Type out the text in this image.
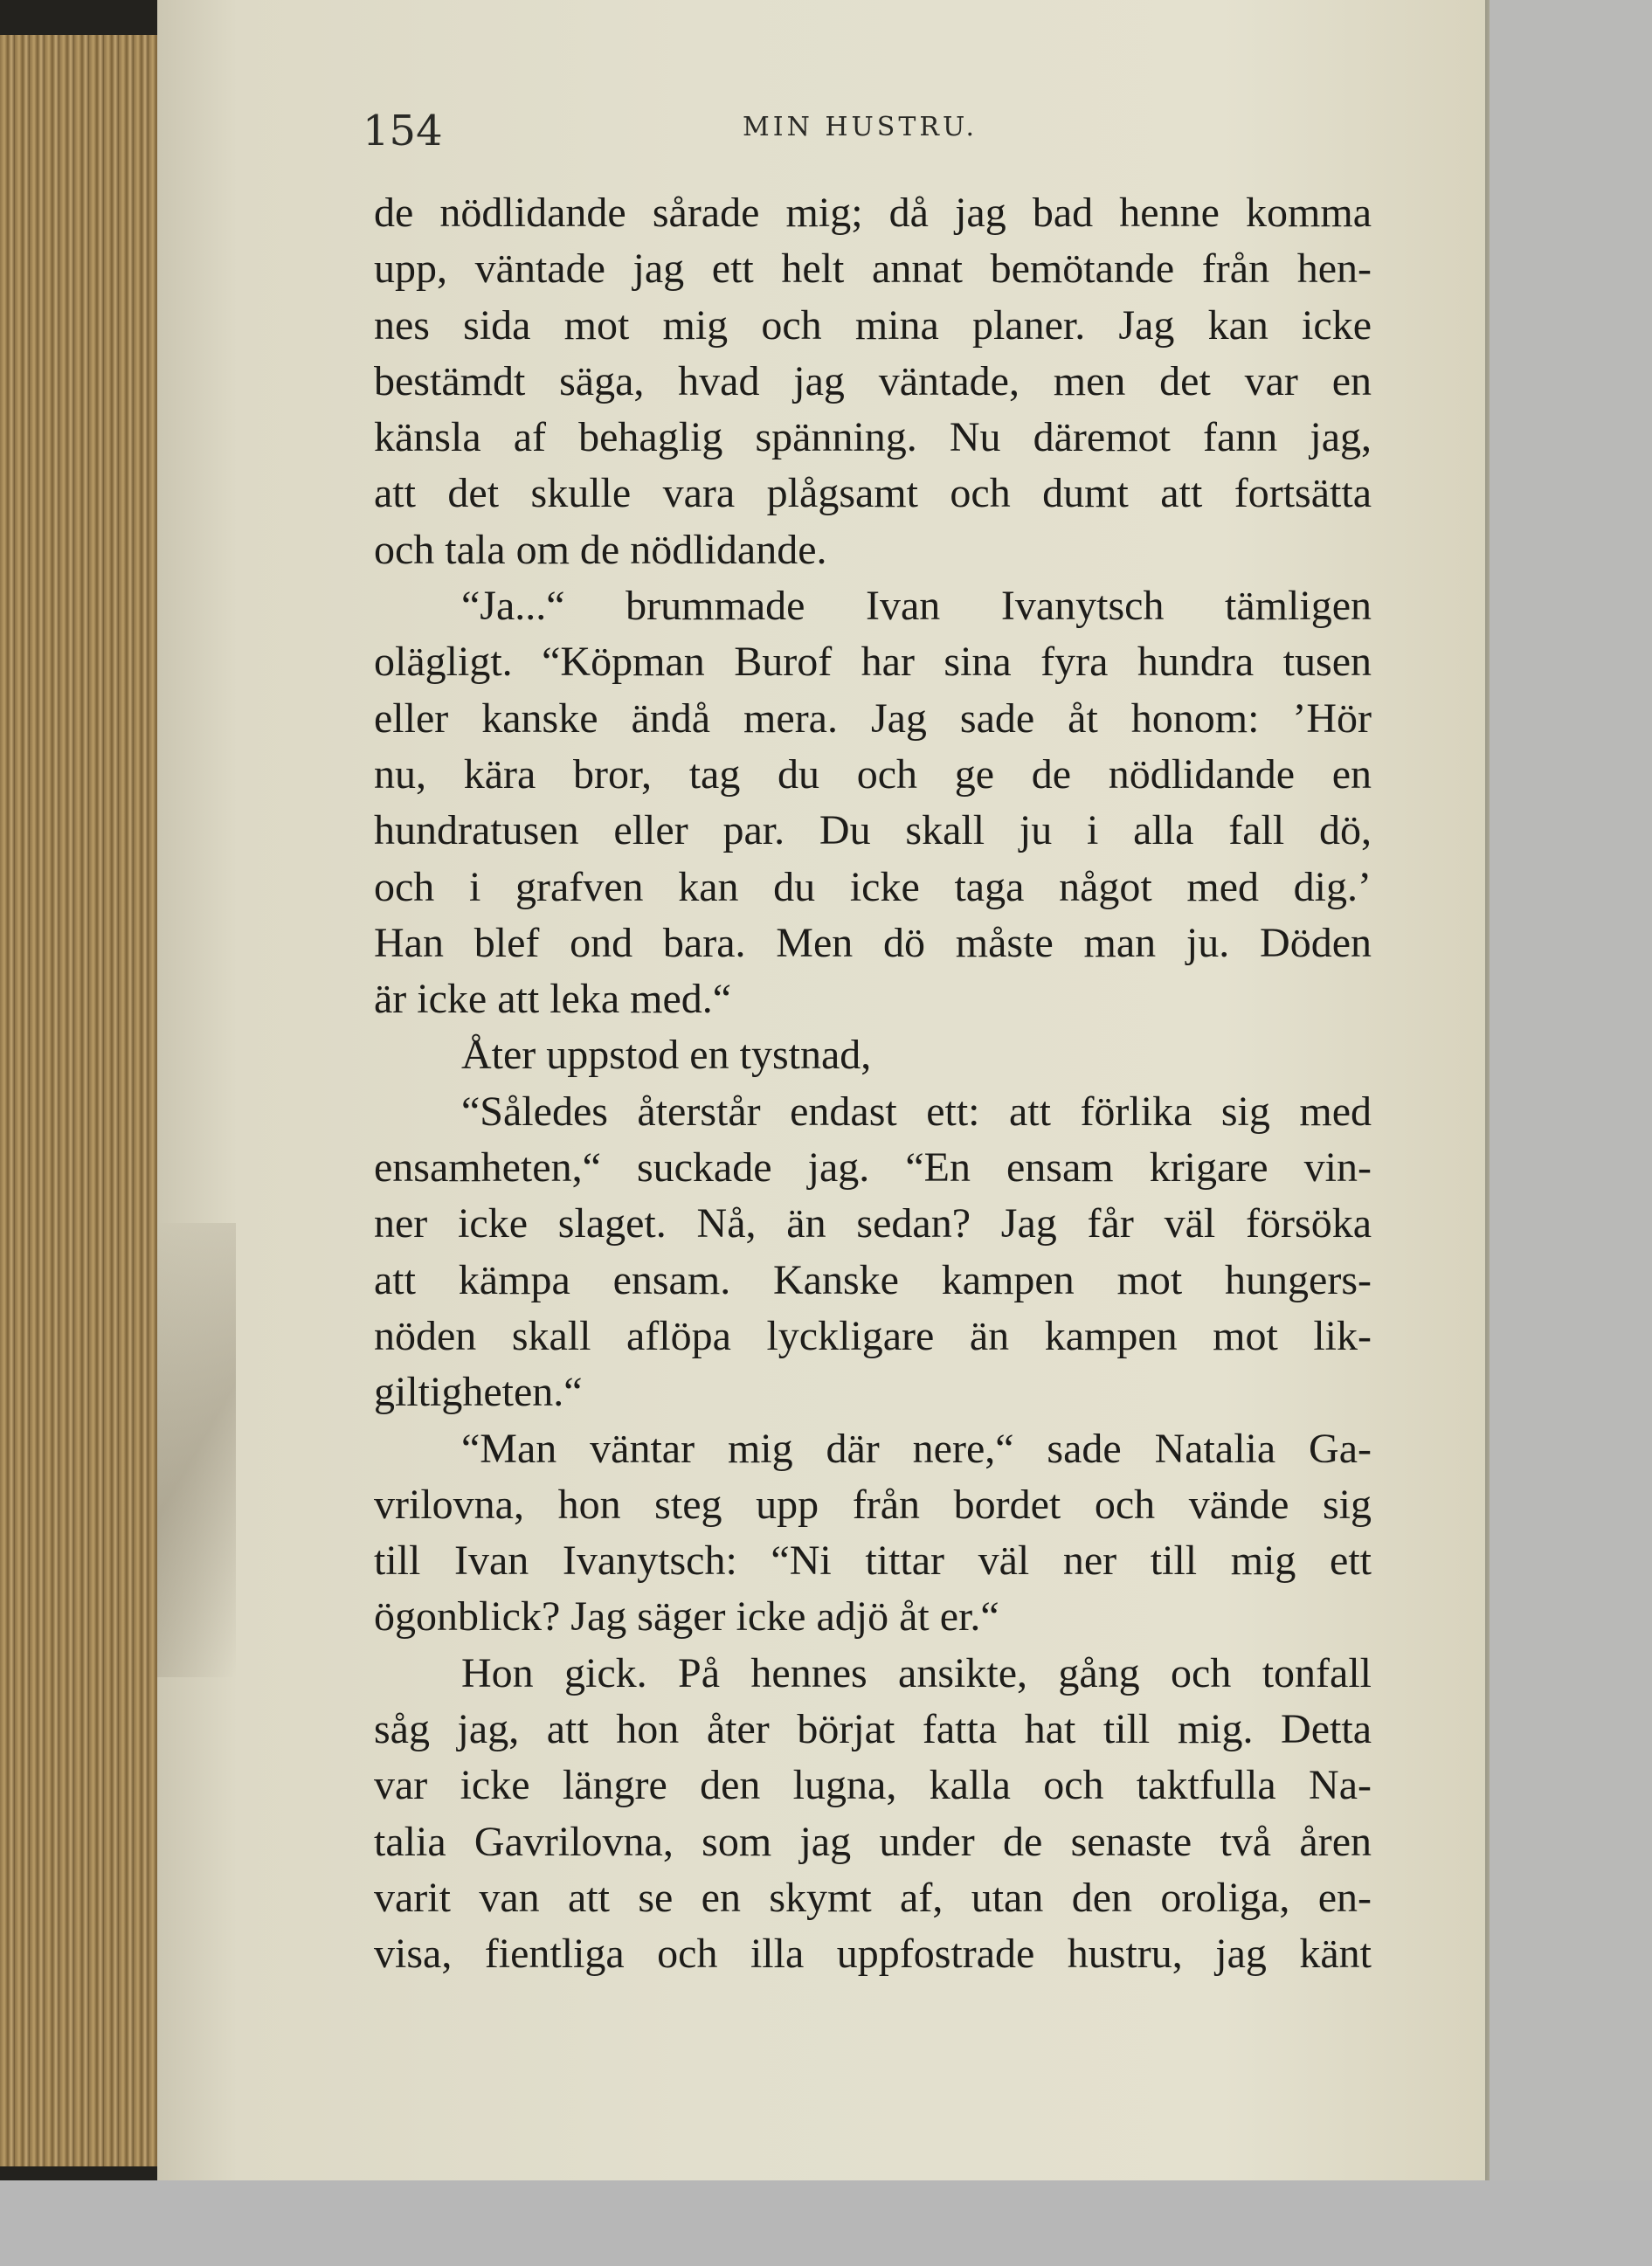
154	MIN HUSTRU.

de nödlidande sårade mig; då jag bad henne komma
upp, väntade jag ett helt annat bemötande från hen-
nes sida mot mig och mina planer. Jag kan icke
bestämdt säga, hvad jag väntade, men det var en
känsla af behaglig spänning. Nu däremot fann jag,
att det skulle vara plågsamt och dumt att fortsätta
och tala om de nödlidande.
“Ja...“ brummade Ivan Ivanytsch tämligen
olägligt. “Köpman Burof har sina fyra hundra tusen
eller kanske ändå mera. Jag sade åt honom: ’Hör
nu, kära bror, tag du och ge de nödlidande en
hundratusen eller par. Du skall ju i alla fall dö,
och i grafven kan du icke taga något med dig.’
Han blef ond bara. Men dö måste man ju. Döden
är icke att leka med.“
Åter uppstod en tystnad,
“Således återstår endast ett: att förlika sig med
ensamheten,“ suckade jag. “En ensam krigare vin-
ner icke slaget. Nå, än sedan? Jag får väl försöka
att kämpa ensam. Kanske kampen mot hungers-
nöden skall aflöpa lyckligare än kampen mot lik-
giltigheten.“
“Man väntar mig där nere,“ sade Natalia Ga-
vrilovna, hon steg upp från bordet och vände sig
till Ivan Ivanytsch: “Ni tittar väl ner till mig ett
ögonblick? Jag säger icke adjö åt er.“
Hon gick. På hennes ansikte, gång och tonfall
såg jag, att hon åter börjat fatta hat till mig. Detta
var icke längre den lugna, kalla och taktfulla Na-
talia Gavrilovna, som jag under de senaste två åren
varit van att se en skymt af, utan den oroliga, en-
visa, fientliga och illa uppfostrade hustru, jag känt
